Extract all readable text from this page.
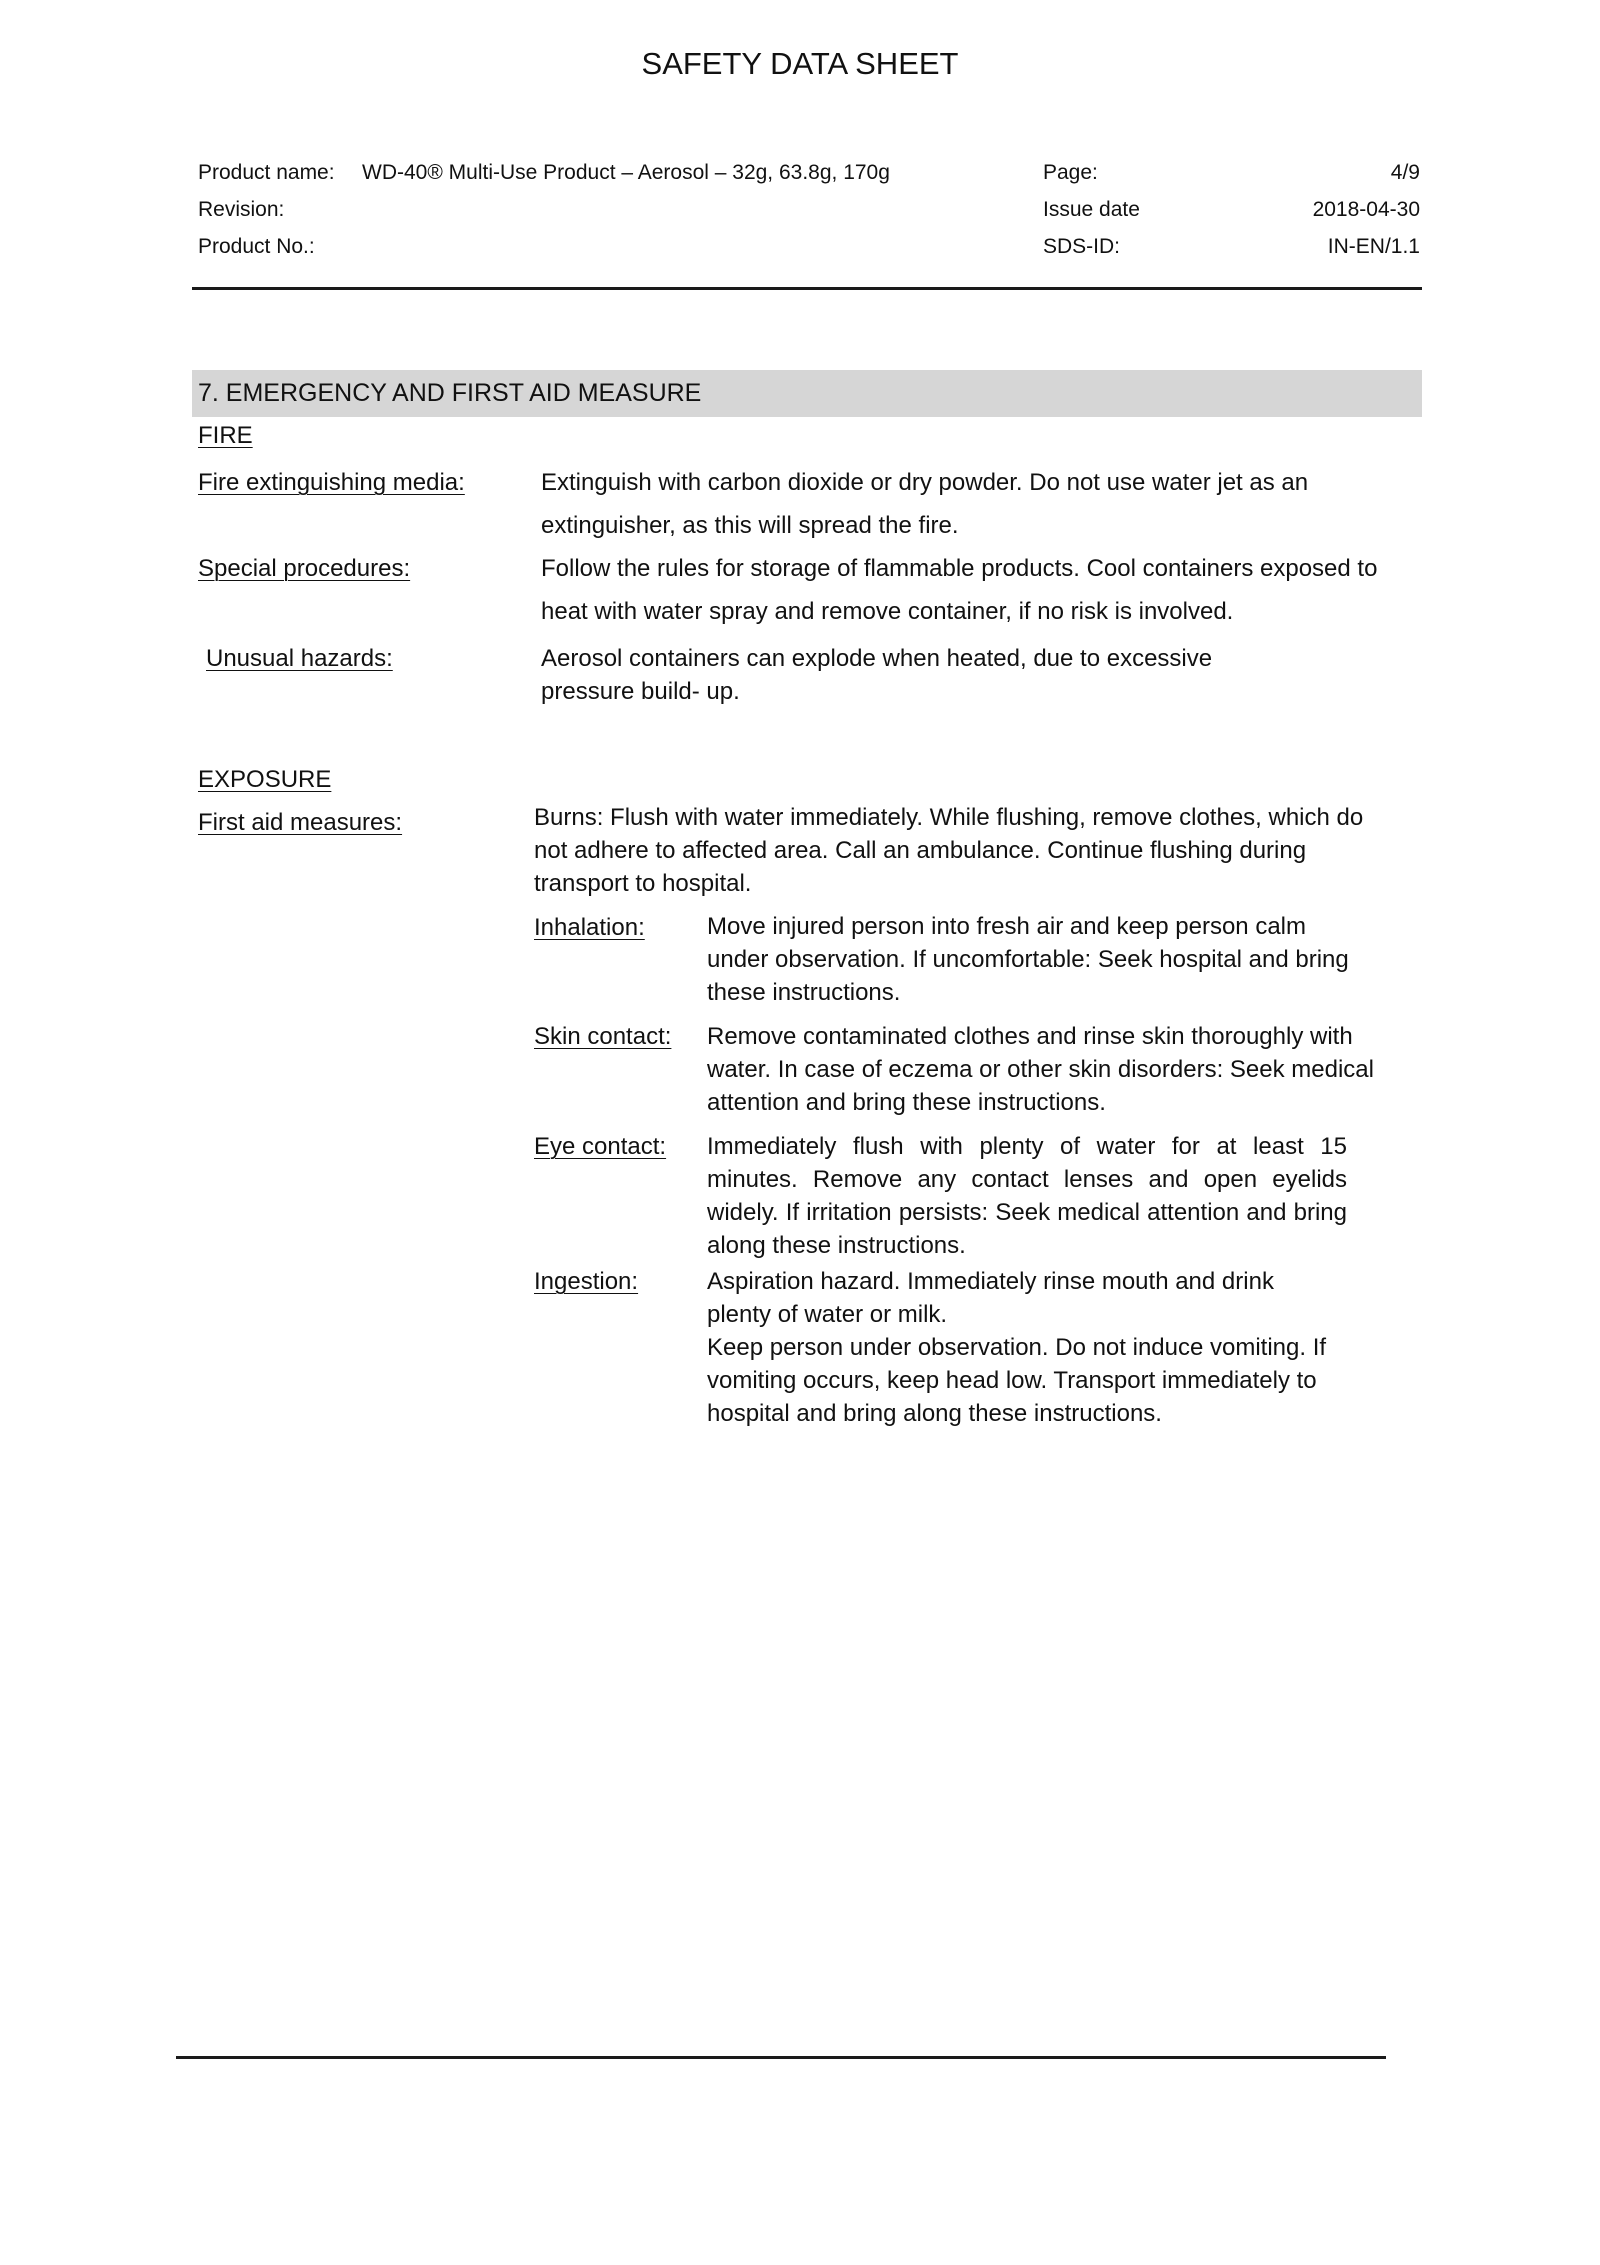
SAFETY DATA SHEET
Product name: WD-40® Multi-Use Product – Aerosol – 32g, 63.8g, 170g
Revision:
Product No.:
Page:	4/9
Issue date	2018-04-30
SDS-ID:	IN-EN/1.1
7. EMERGENCY AND FIRST AID MEASURE
FIRE
Fire extinguishing media:	Extinguish with carbon dioxide or dry powder. Do not use water jet as an
extinguisher, as this will spread the fire.
Special procedures:	Follow the rules for storage of flammable products. Cool containers exposed to
heat with water spray and remove container, if no risk is involved.
Unusual hazards:	Aerosol containers can explode when heated, due to excessive
pressure build- up.
EXPOSURE
First aid measures:	Burns: Flush with water immediately. While flushing, remove clothes, which do
not adhere to affected area. Call an ambulance. Continue flushing during
transport to hospital.
Inhalation:	Move injured person into fresh air and keep person calm
under observation. If uncomfortable: Seek hospital and bring
these instructions.
Skin contact: Remove contaminated clothes and rinse skin thoroughly with
water. In case of eczema or other skin disorders: Seek medical
attention and bring these instructions.
Eye contact: Immediately flush with plenty of water for at least 15
minutes. Remove any contact lenses and open eyelids
widely. If irritation persists: Seek medical attention and bring
along these instructions.
Ingestion:	Aspiration hazard. Immediately rinse mouth and drink
plenty of water or milk.
Keep person under observation. Do not induce vomiting. If
vomiting occurs, keep head low. Transport immediately to
hospital and bring along these instructions.
